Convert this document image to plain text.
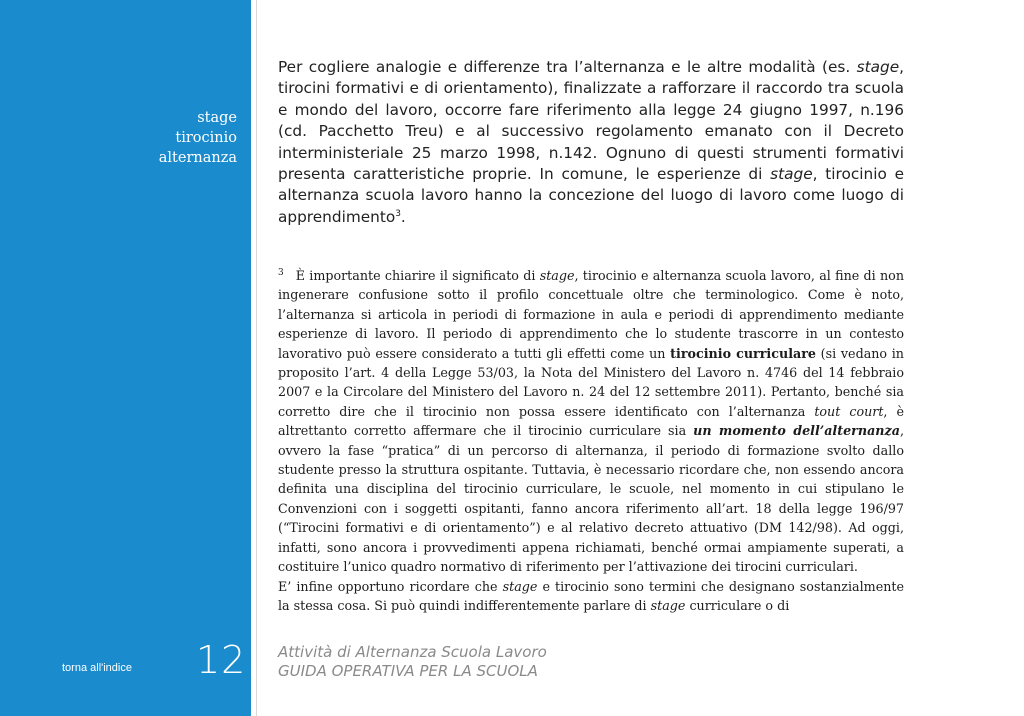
stage
tirocinio
alternanza
torna all'indice 12

Per cogliere analogie e differenze tra l’alternanza e le altre modalità (es. stage, tirocini formativi e di orientamento), finalizzate a rafforzare il raccordo tra scuola e mondo del lavoro, occorre fare riferimento alla legge 24 giugno 1997, n.196 (cd. Pacchetto Treu) e al successivo regolamento emanato con il Decreto interministeriale 25 marzo 1998, n.142. Ognuno di questi strumenti formativi presenta caratteristiche proprie. In comune, le esperienze di stage, tirocinio e alternanza scuola lavoro hanno la concezione del luogo di lavoro come luogo di apprendimento$^3$.

$^3$ È importante chiarire il significato di stage, tirocinio e alternanza scuola lavoro, al fine di non ingenerare confusione sotto il profilo concettuale oltre che terminologico. Come è noto, l’alternanza si articola in periodi di formazione in aula e periodi di apprendimento mediante esperienze di lavoro. Il periodo di apprendimento che lo studente trascorre in un contesto lavorativo può essere considerato a tutti gli effetti come un tirocinio curriculare (si vedano in proposito l’art. 4 della Legge 53/03, la Nota del Ministero del Lavoro n. 4746 del 14 febbraio 2007 e la Circolare del Ministero del Lavoro n. 24 del 12 settembre 2011). Pertanto, benché sia corretto dire che il tirocinio non possa essere identificato con l’alternanza tout court, è altrettanto corretto affermare che il tirocinio curriculare sia un momento dell’alternanza, ovvero la fase “pratica” di un percorso di alternanza, il periodo di formazione svolto dallo studente presso la struttura ospitante. Tuttavia, è necessario ricordare che, non essendo ancora definita una disciplina del tirocinio curriculare, le scuole, nel momento in cui stipulano le Convenzioni con i soggetti ospitanti, fanno ancora riferimento all’art. 18 della legge 196/97 (“Tirocini formativi e di orientamento”) e al relativo decreto attuativo (DM 142/98). Ad oggi, infatti, sono ancora i provvedimenti appena richiamati, benché ormai ampiamente superati, a costituire l’unico quadro normativo di riferimento per l’attivazione dei tirocini curriculari.
E’ infine opportuno ricordare che stage e tirocinio sono termini che designano sostanzialmente la stessa cosa. Si può quindi indifferentemente parlare di stage curriculare o di

Attività di Alternanza Scuola Lavoro
GUIDA OPERATIVA PER LA SCUOLA
